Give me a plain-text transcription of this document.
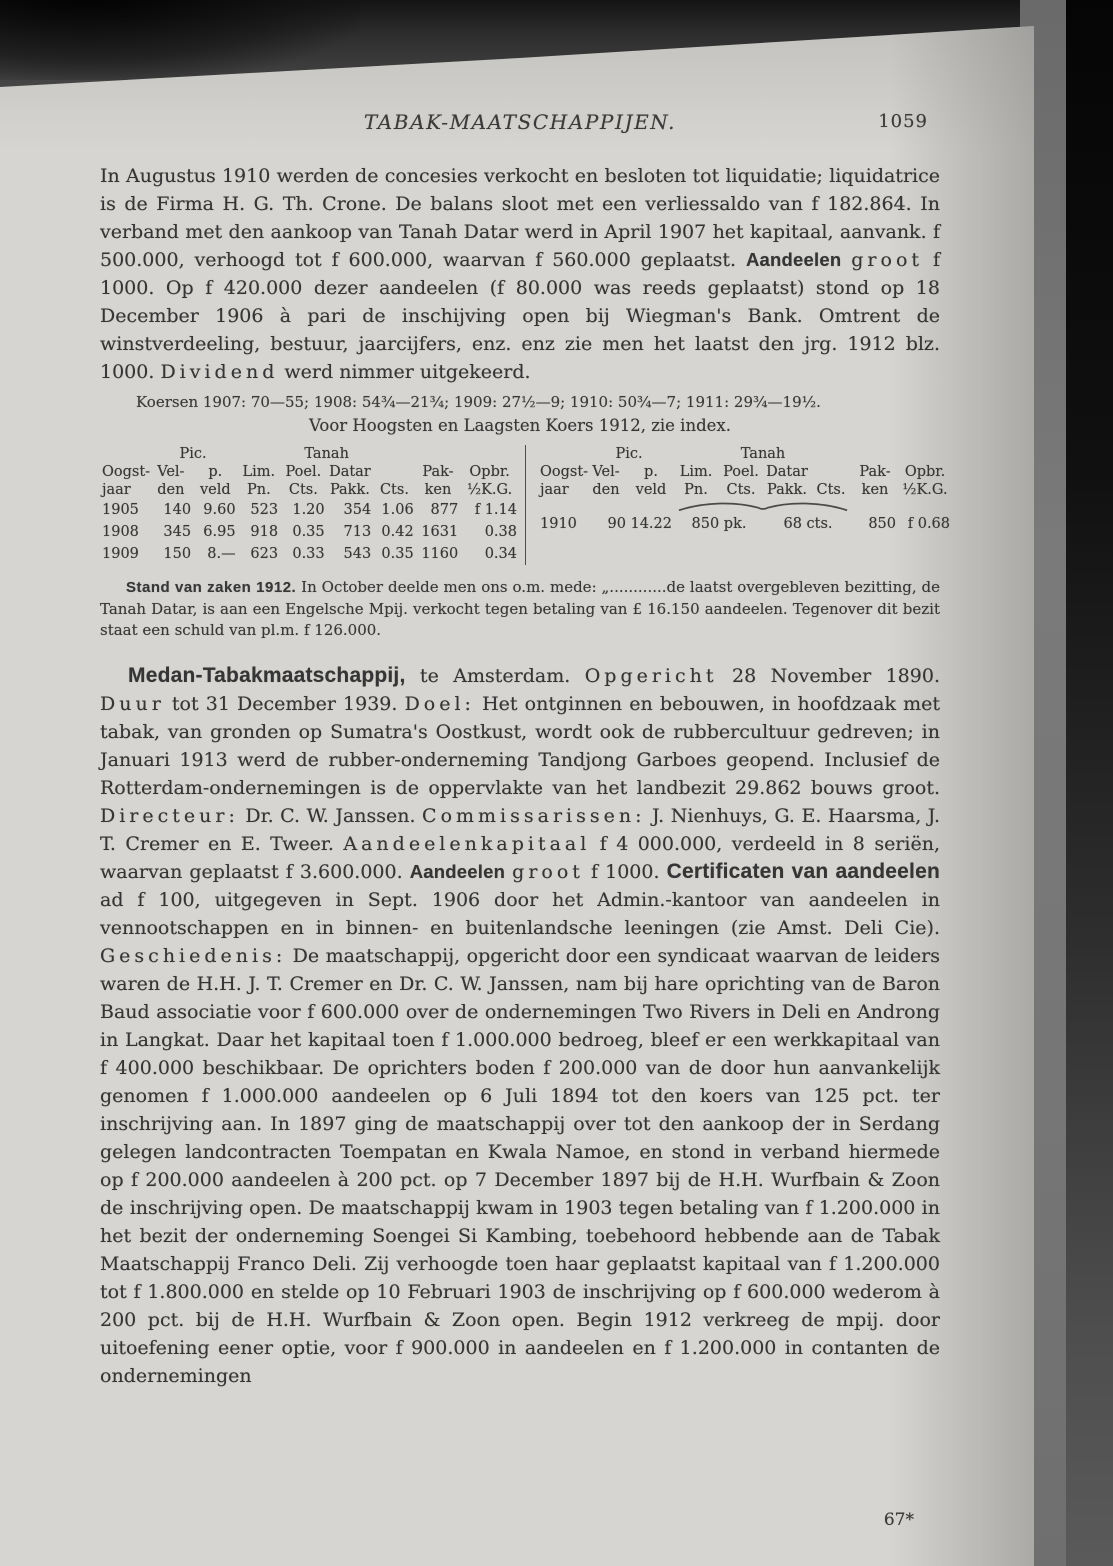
TABAK-MAATSCHAPPIJEN.	1059

In Augustus 1910 werden de concesies verkocht en besloten tot liquidatie; liquidatrice is de Firma H. G. Th. Crone. De balans sloot met een verliessaldo van f 182.864. In verband met den aankoop van Tanah Datar werd in April 1907 het kapitaal, aanvank. f 500.000, verhoogd tot f 600.000, waarvan f 560.000 geplaatst. Aandeelen groot f 1000. Op f 420.000 dezer aandeelen (f 80.000 was reeds geplaatst) stond op 18 December 1906 à pari de inschijving open bij Wiegman's Bank. Omtrent de winstverdeeling, bestuur, jaarcijfers, enz. enz zie men het laatst den jrg. 1912 blz. 1000. Dividend werd nimmer uitgekeerd.

Koersen 1907: 70—55; 1908: 54¾—21¾; 1909: 27½—9; 1910: 50¾—7; 1911: 29¾—19½.
Voor Hoogsten en Laagsten Koers 1912, zie index.
	Pic.		Tanah					
Oogst-	Vel-	p.	Lim.	Poel.	Datar		Pak-	Opbr.
jaar	den	veld	Pn.	Cts.	Pakk.	Cts.	ken	½K.G.
1905	140	9.60	523	1.20	354	1.06	877	f 1.14
1908	345	6.95	918	0.35	713	0.42	1631	0.38
1909	150	8.—	623	0.33	543	0.35	1160	0.34
	Pic.		Tanah					
Oogst-	Vel-	p.	Lim.	Poel.	Datar		Pak-	Opbr.
jaar	den	veld	Pn.	Cts.	Pakk.	Cts.	ken	½K.G.

1910	90	14.22	850 pk.		68 cts.		850	f 0.68

Stand van zaken 1912. In October deelde men ons o.m. mede: „............de laatst overgebleven bezitting, de Tanah Datar, is aan een Engelsche Mpij. verkocht tegen betaling van £ 16.150 aandeelen. Tegenover dit bezit staat een schuld van pl.m. f 126.000.

Medan-Tabakmaatschappij, te Amsterdam. Opgericht 28 November 1890. Duur tot 31 December 1939. Doel: Het ontginnen en bebouwen, in hoofdzaak met tabak, van gronden op Sumatra's Oostkust, wordt ook de rubbercultuur gedreven; in Januari 1913 werd de rubber-onderneming Tandjong Garboes geopend. Inclusief de Rotterdam-ondernemingen is de oppervlakte van het landbezit 29.862 bouws groot. Directeur: Dr. C. W. Janssen. Commissarissen: J. Nienhuys, G. E. Haarsma, J. T. Cremer en E. Tweer. Aandeelenkapitaal f 4 000.000, verdeeld in 8 seriën, waarvan geplaatst f 3.600.000. Aandeelen groot f 1000. Certificaten van aandeelen ad f 100, uitgegeven in Sept. 1906 door het Admin.-kantoor van aandeelen in vennootschappen en in binnen- en buitenlandsche leeningen (zie Amst. Deli Cie). Geschiedenis: De maatschappij, opgericht door een syndicaat waarvan de leiders waren de H.H. J. T. Cremer en Dr. C. W. Janssen, nam bij hare oprichting van de Baron Baud associatie voor f 600.000 over de ondernemingen Two Rivers in Deli en Androng in Langkat. Daar het kapitaal toen f 1.000.000 bedroeg, bleef er een werkkapitaal van f 400.000 beschikbaar. De oprichters boden f 200.000 van de door hun aanvankelijk genomen f 1.000.000 aandeelen op 6 Juli 1894 tot den koers van 125 pct. ter inschrijving aan. In 1897 ging de maatschappij over tot den aankoop der in Serdang gelegen landcontracten Toempatan en Kwala Namoe, en stond in verband hiermede op f 200.000 aandeelen à 200 pct. op 7 December 1897 bij de H.H. Wurfbain & Zoon de inschrijving open. De maatschappij kwam in 1903 tegen betaling van f 1.200.000 in het bezit der onderneming Soengei Si Kambing, toebehoord hebbende aan de Tabak Maatschappij Franco Deli. Zij verhoogde toen haar geplaatst kapitaal van f 1.200.000 tot f 1.800.000 en stelde op 10 Februari 1903 de inschrijving op f 600.000 wederom à 200 pct. bij de H.H. Wurfbain & Zoon open. Begin 1912 verkreeg de mpij. door uitoefening eener optie, voor f 900.000 in aandeelen en f 1.200.000 in contanten de ondernemingen

67*
